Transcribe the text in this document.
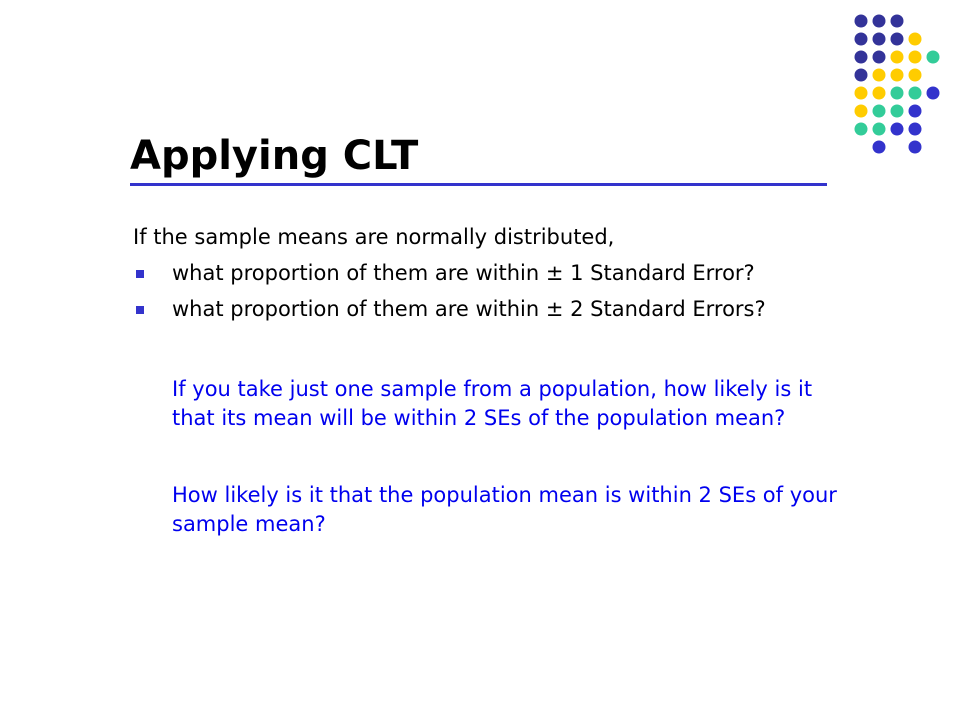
Applying CLT

If the sample means are normally distributed,

what proportion of them are within ± 1 Standard Error?
what proportion of them are within ± 2 Standard Errors?

If you take just one sample from a population, how likely is it that its mean will be within 2 SEs of the population mean?

How likely is it that the population mean is within 2 SEs of your sample mean?
